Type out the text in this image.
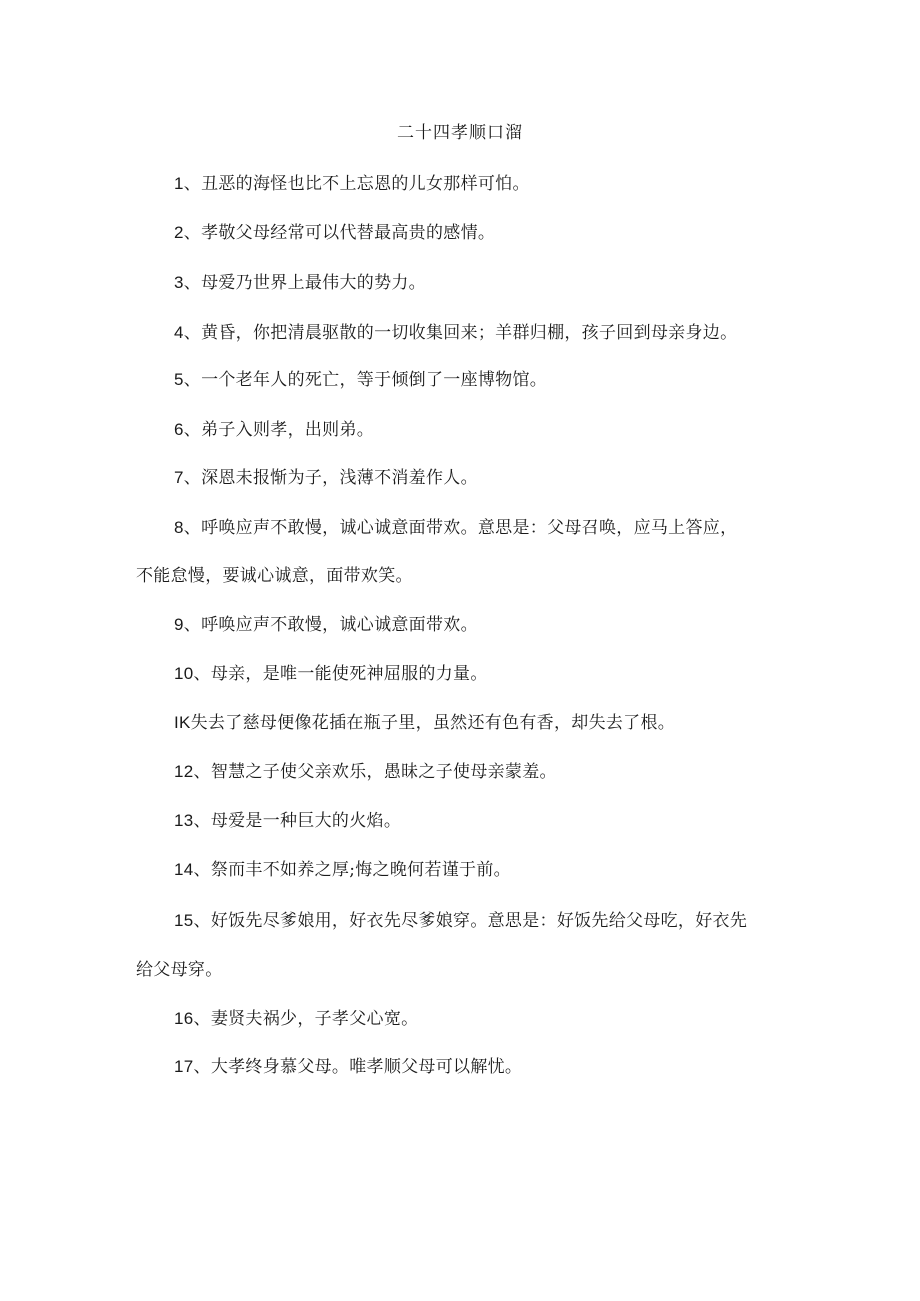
二十四孝顺口溜
1、丑恶的海怪也比不上忘恩的儿女那样可怕。
2、孝敬父母经常可以代替最高贵的感情。
3、母爱乃世界上最伟大的势力。
4、黄昏，你把清晨驱散的一切收集回来；羊群归棚，孩子回到母亲身边。
5、一个老年人的死亡，等于倾倒了一座博物馆。
6、弟子入则孝，出则弟。
7、深恩未报惭为子，浅薄不消羞作人。
8、呼唤应声不敢慢，诚心诚意面带欢。意思是：父母召唤，应马上答应，
不能怠慢，要诚心诚意，面带欢笑。
9、呼唤应声不敢慢，诚心诚意面带欢。
10、母亲，是唯一能使死神屈服的力量。
IK失去了慈母便像花插在瓶子里，虽然还有色有香，却失去了根。
12、智慧之子使父亲欢乐，愚昧之子使母亲蒙羞。
13、母爱是一种巨大的火焰。
14、祭而丰不如养之厚;悔之晚何若谨于前。
15、好饭先尽爹娘用，好衣先尽爹娘穿。意思是：好饭先给父母吃，好衣先
给父母穿。
16、妻贤夫祸少，子孝父心宽。
17、大孝终身慕父母。唯孝顺父母可以解忧。
